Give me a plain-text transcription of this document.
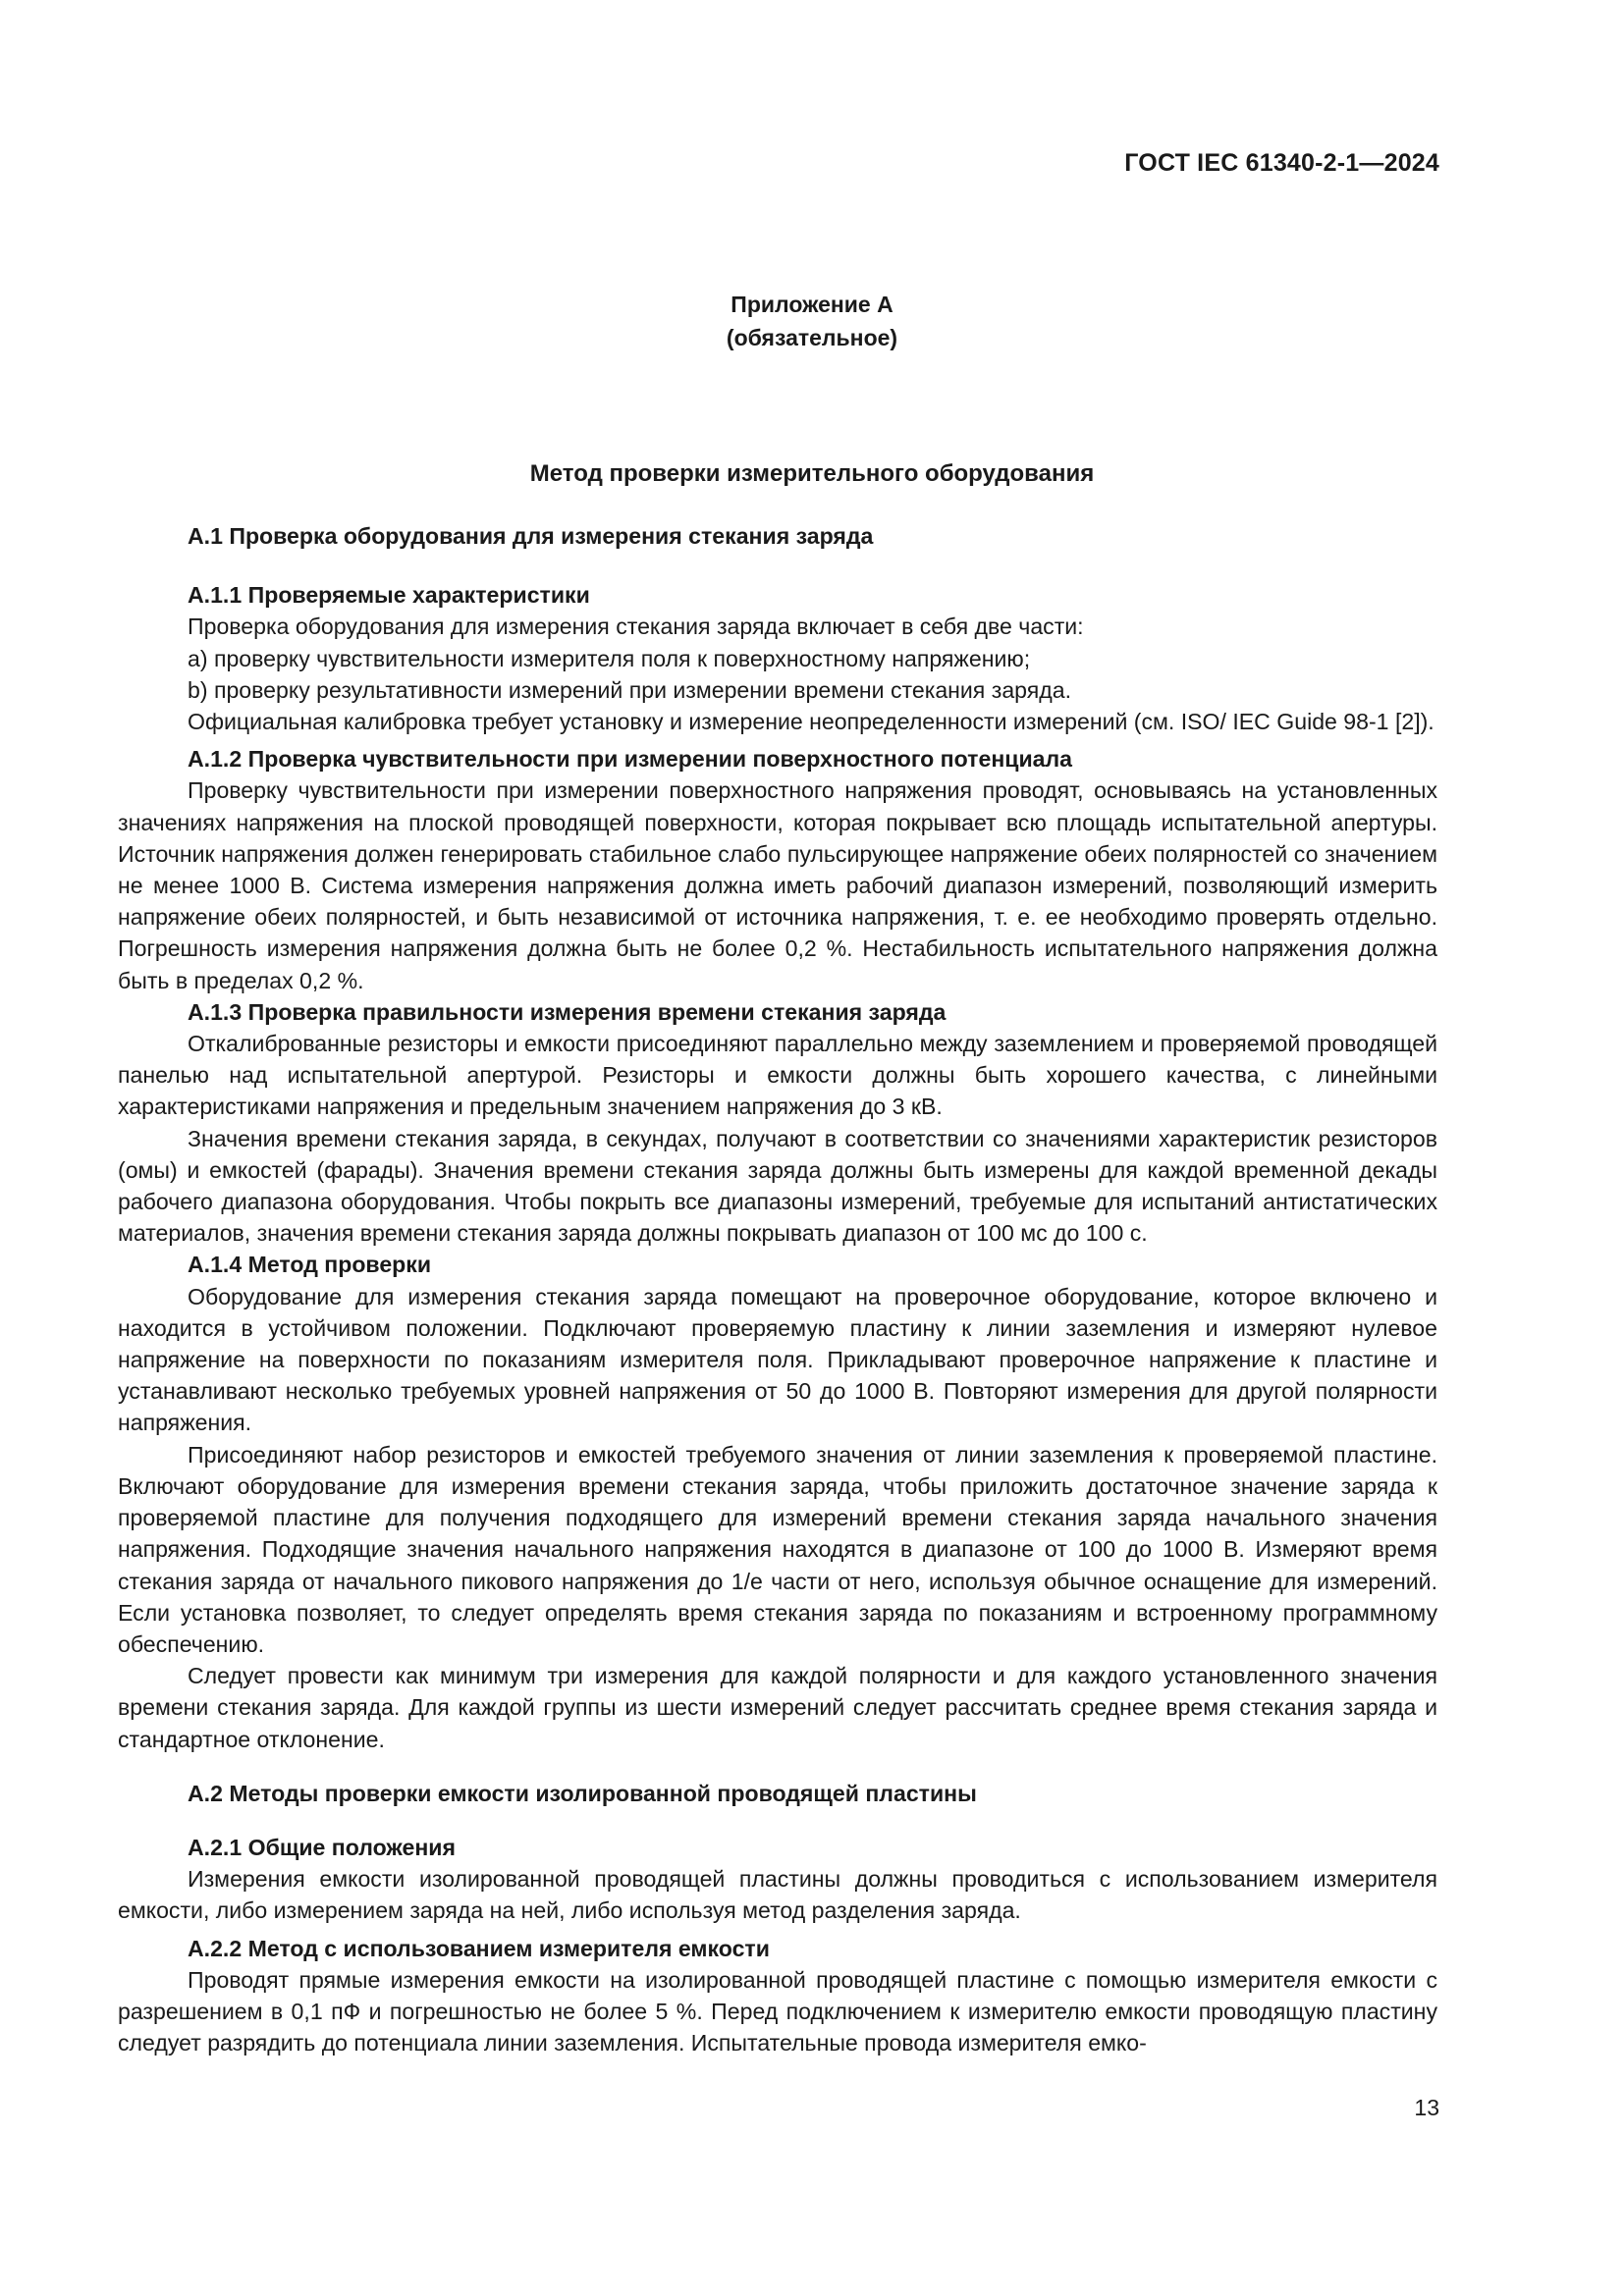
ГОСТ IEC 61340-2-1—2024
Приложение А
(обязательное)
Метод проверки измерительного оборудования
А.1 Проверка оборудования для измерения стекания заряда
А.1.1 Проверяемые характеристики
Проверка оборудования для измерения стекания заряда включает в себя две части:
a) проверку чувствительности измерителя поля к поверхностному напряжению;
b) проверку результативности измерений при измерении времени стекания заряда.
Официальная калибровка требует установку и измерение неопределенности измерений (см. ISO/ IEC Guide 98-1 [2]).
А.1.2 Проверка чувствительности при измерении поверхностного потенциала
Проверку чувствительности при измерении поверхностного напряжения проводят, основываясь на установленных значениях напряжения на плоской проводящей поверхности, которая покрывает всю площадь испытательной апертуры. Источник напряжения должен генерировать стабильное слабо пульсирующее напряжение обеих полярностей со значением не менее 1000 В. Система измерения напряжения должна иметь рабочий диапазон измерений, позволяющий измерить напряжение обеих полярностей, и быть независимой от источника напряжения, т. е. ее необходимо проверять отдельно. Погрешность измерения напряжения должна быть не более 0,2 %. Нестабильность испытательного напряжения должна быть в пределах 0,2 %.
А.1.3 Проверка правильности измерения времени стекания заряда
Откалиброванные резисторы и емкости присоединяют параллельно между заземлением и проверяемой проводящей панелью над испытательной апертурой. Резисторы и емкости должны быть хорошего качества, с линейными характеристиками напряжения и предельным значением напряжения до 3 кВ.
Значения времени стекания заряда, в секундах, получают в соответствии со значениями характеристик резисторов (омы) и емкостей (фарады). Значения времени стекания заряда должны быть измерены для каждой временной декады рабочего диапазона оборудования. Чтобы покрыть все диапазоны измерений, требуемые для испытаний антистатических материалов, значения времени стекания заряда должны покрывать диапазон от 100 мс до 100 с.
А.1.4 Метод проверки
Оборудование для измерения стекания заряда помещают на проверочное оборудование, которое включено и находится в устойчивом положении. Подключают проверяемую пластину к линии заземления и измеряют нулевое напряжение на поверхности по показаниям измерителя поля. Прикладывают проверочное напряжение к пластине и устанавливают несколько требуемых уровней напряжения от 50 до 1000 В. Повторяют измерения для другой полярности напряжения.
Присоединяют набор резисторов и емкостей требуемого значения от линии заземления к проверяемой пластине. Включают оборудование для измерения времени стекания заряда, чтобы приложить достаточное значение заряда к проверяемой пластине для получения подходящего для измерений времени стекания заряда начального значения напряжения. Подходящие значения начального напряжения находятся в диапазоне от 100 до 1000 В. Измеряют время стекания заряда от начального пикового напряжения до 1/e части от него, используя обычное оснащение для измерений. Если установка позволяет, то следует определять время стекания заряда по показаниям и встроенному программному обеспечению.
Следует провести как минимум три измерения для каждой полярности и для каждого установленного значения времени стекания заряда. Для каждой группы из шести измерений следует рассчитать среднее время стекания заряда и стандартное отклонение.
А.2 Методы проверки емкости изолированной проводящей пластины
А.2.1 Общие положения
Измерения емкости изолированной проводящей пластины должны проводиться с использованием измерителя емкости, либо измерением заряда на ней, либо используя метод разделения заряда.
А.2.2 Метод с использованием измерителя емкости
Проводят прямые измерения емкости на изолированной проводящей пластине с помощью измерителя емкости с разрешением в 0,1 пФ и погрешностью не более 5 %. Перед подключением к измерителю емкости проводящую пластину следует разрядить до потенциала линии заземления. Испытательные провода измерителя емко-
13
